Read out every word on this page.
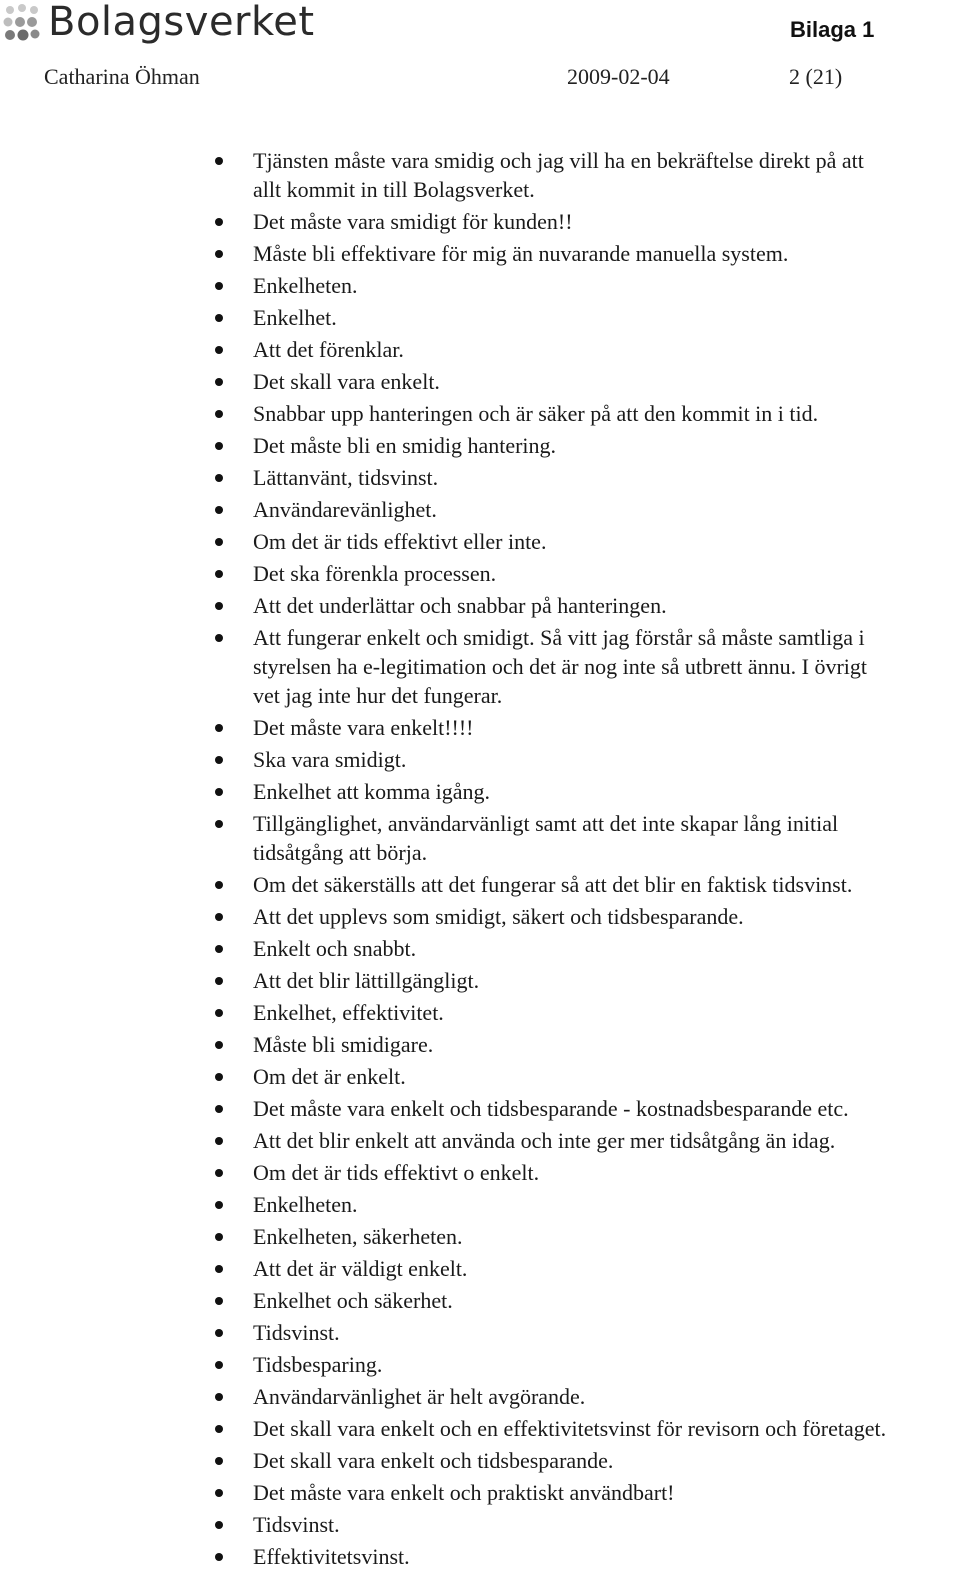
Bolagsverket	Bilaga 1
Catharina Öhman	2009-02-04	2 (21)
Tjänsten måste vara smidig och jag vill ha en bekräftelse direkt på att
allt kommit in till Bolagsverket.
Det måste vara smidigt för kunden!!
Måste bli effektivare för mig än nuvarande manuella system.
Enkelheten.
Enkelhet.
Att det förenklar.
Det skall vara enkelt.
Snabbar upp hanteringen och är säker på att den kommit in i tid.
Det måste bli en smidig hantering.
Lättanvänt, tidsvinst.
Användarevänlighet.
Om det är tids effektivt eller inte.
Det ska förenkla processen.
Att det underlättar och snabbar på hanteringen.
Att fungerar enkelt och smidigt. Så vitt jag förstår så måste samtliga i
styrelsen ha e-legitimation och det är nog inte så utbrett ännu. I övrigt
vet jag inte hur det fungerar.
Det måste vara enkelt!!!!
Ska vara smidigt.
Enkelhet att komma igång.
Tillgänglighet, användarvänligt samt att det inte skapar lång initial
tidsåtgång att börja.
Om det säkerställs att det fungerar så att det blir en faktisk tidsvinst.
Att det upplevs som smidigt, säkert och tidsbesparande.
Enkelt och snabbt.
Att det blir lättillgängligt.
Enkelhet, effektivitet.
Måste bli smidigare.
Om det är enkelt.
Det måste vara enkelt och tidsbesparande - kostnadsbesparande etc.
Att det blir enkelt att använda och inte ger mer tidsåtgång än idag.
Om det är tids effektivt o enkelt.
Enkelheten.
Enkelheten, säkerheten.
Att det är väldigt enkelt.
Enkelhet och säkerhet.
Tidsvinst.
Tidsbesparing.
Användarvänlighet är helt avgörande.
Det skall vara enkelt och en effektivitetsvinst för revisorn och företaget.
Det skall vara enkelt och tidsbesparande.
Det måste vara enkelt och praktiskt användbart!
Tidsvinst.
Effektivitetsvinst.
